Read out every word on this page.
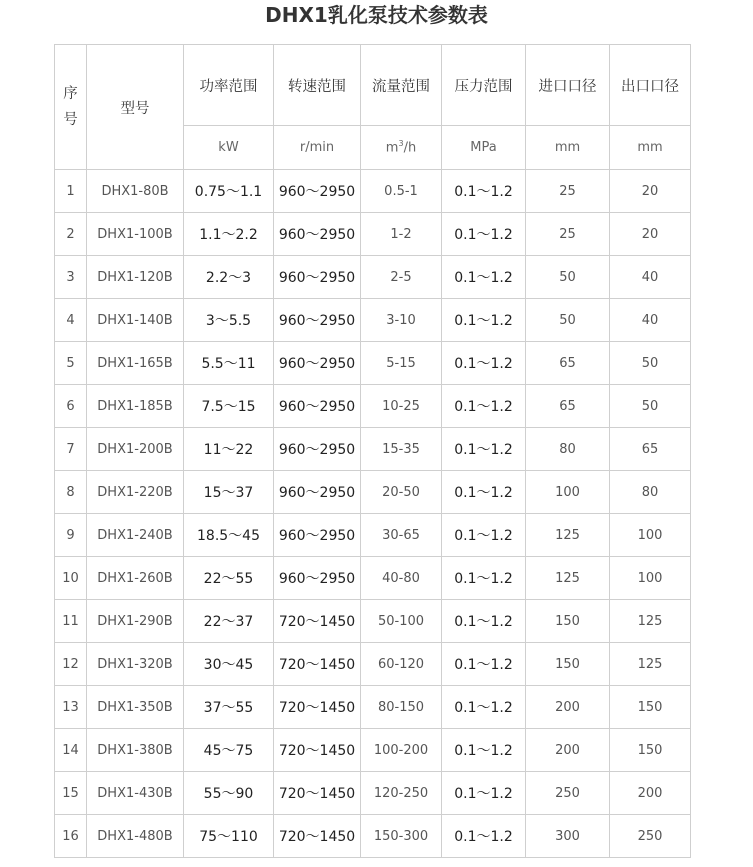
DHX1乳化泵技术参数表
序号	型号	功率范围	转速范围	流量范围	压力范围	进口口径	出口口径
		kW	r/min	$m^3/h$	MPa	mm	mm
1	DHX1-80B	0.75～1.1	960～2950	0.5-1	0.1～1.2	25	20
2	DHX1-100B	1.1～2.2	960～2950	1-2	0.1～1.2	25	20
3	DHX1-120B	2.2～3	960～2950	2-5	0.1～1.2	50	40
4	DHX1-140B	3～5.5	960～2950	3-10	0.1～1.2	50	40
5	DHX1-165B	5.5～11	960～2950	5-15	0.1～1.2	65	50
6	DHX1-185B	7.5～15	960～2950	10-25	0.1～1.2	65	50
7	DHX1-200B	11～22	960～2950	15-35	0.1～1.2	80	65
8	DHX1-220B	15～37	960～2950	20-50	0.1～1.2	100	80
9	DHX1-240B	18.5～45	960～2950	30-65	0.1～1.2	125	100
10	DHX1-260B	22～55	960～2950	40-80	0.1～1.2	125	100
11	DHX1-290B	22～37	720～1450	50-100	0.1～1.2	150	125
12	DHX1-320B	30～45	720～1450	60-120	0.1～1.2	150	125
13	DHX1-350B	37～55	720～1450	80-150	0.1～1.2	200	150
14	DHX1-380B	45～75	720～1450	100-200	0.1～1.2	200	150
15	DHX1-430B	55～90	720～1450	120-250	0.1～1.2	250	200
16	DHX1-480B	75～110	720～1450	150-300	0.1～1.2	300	250
